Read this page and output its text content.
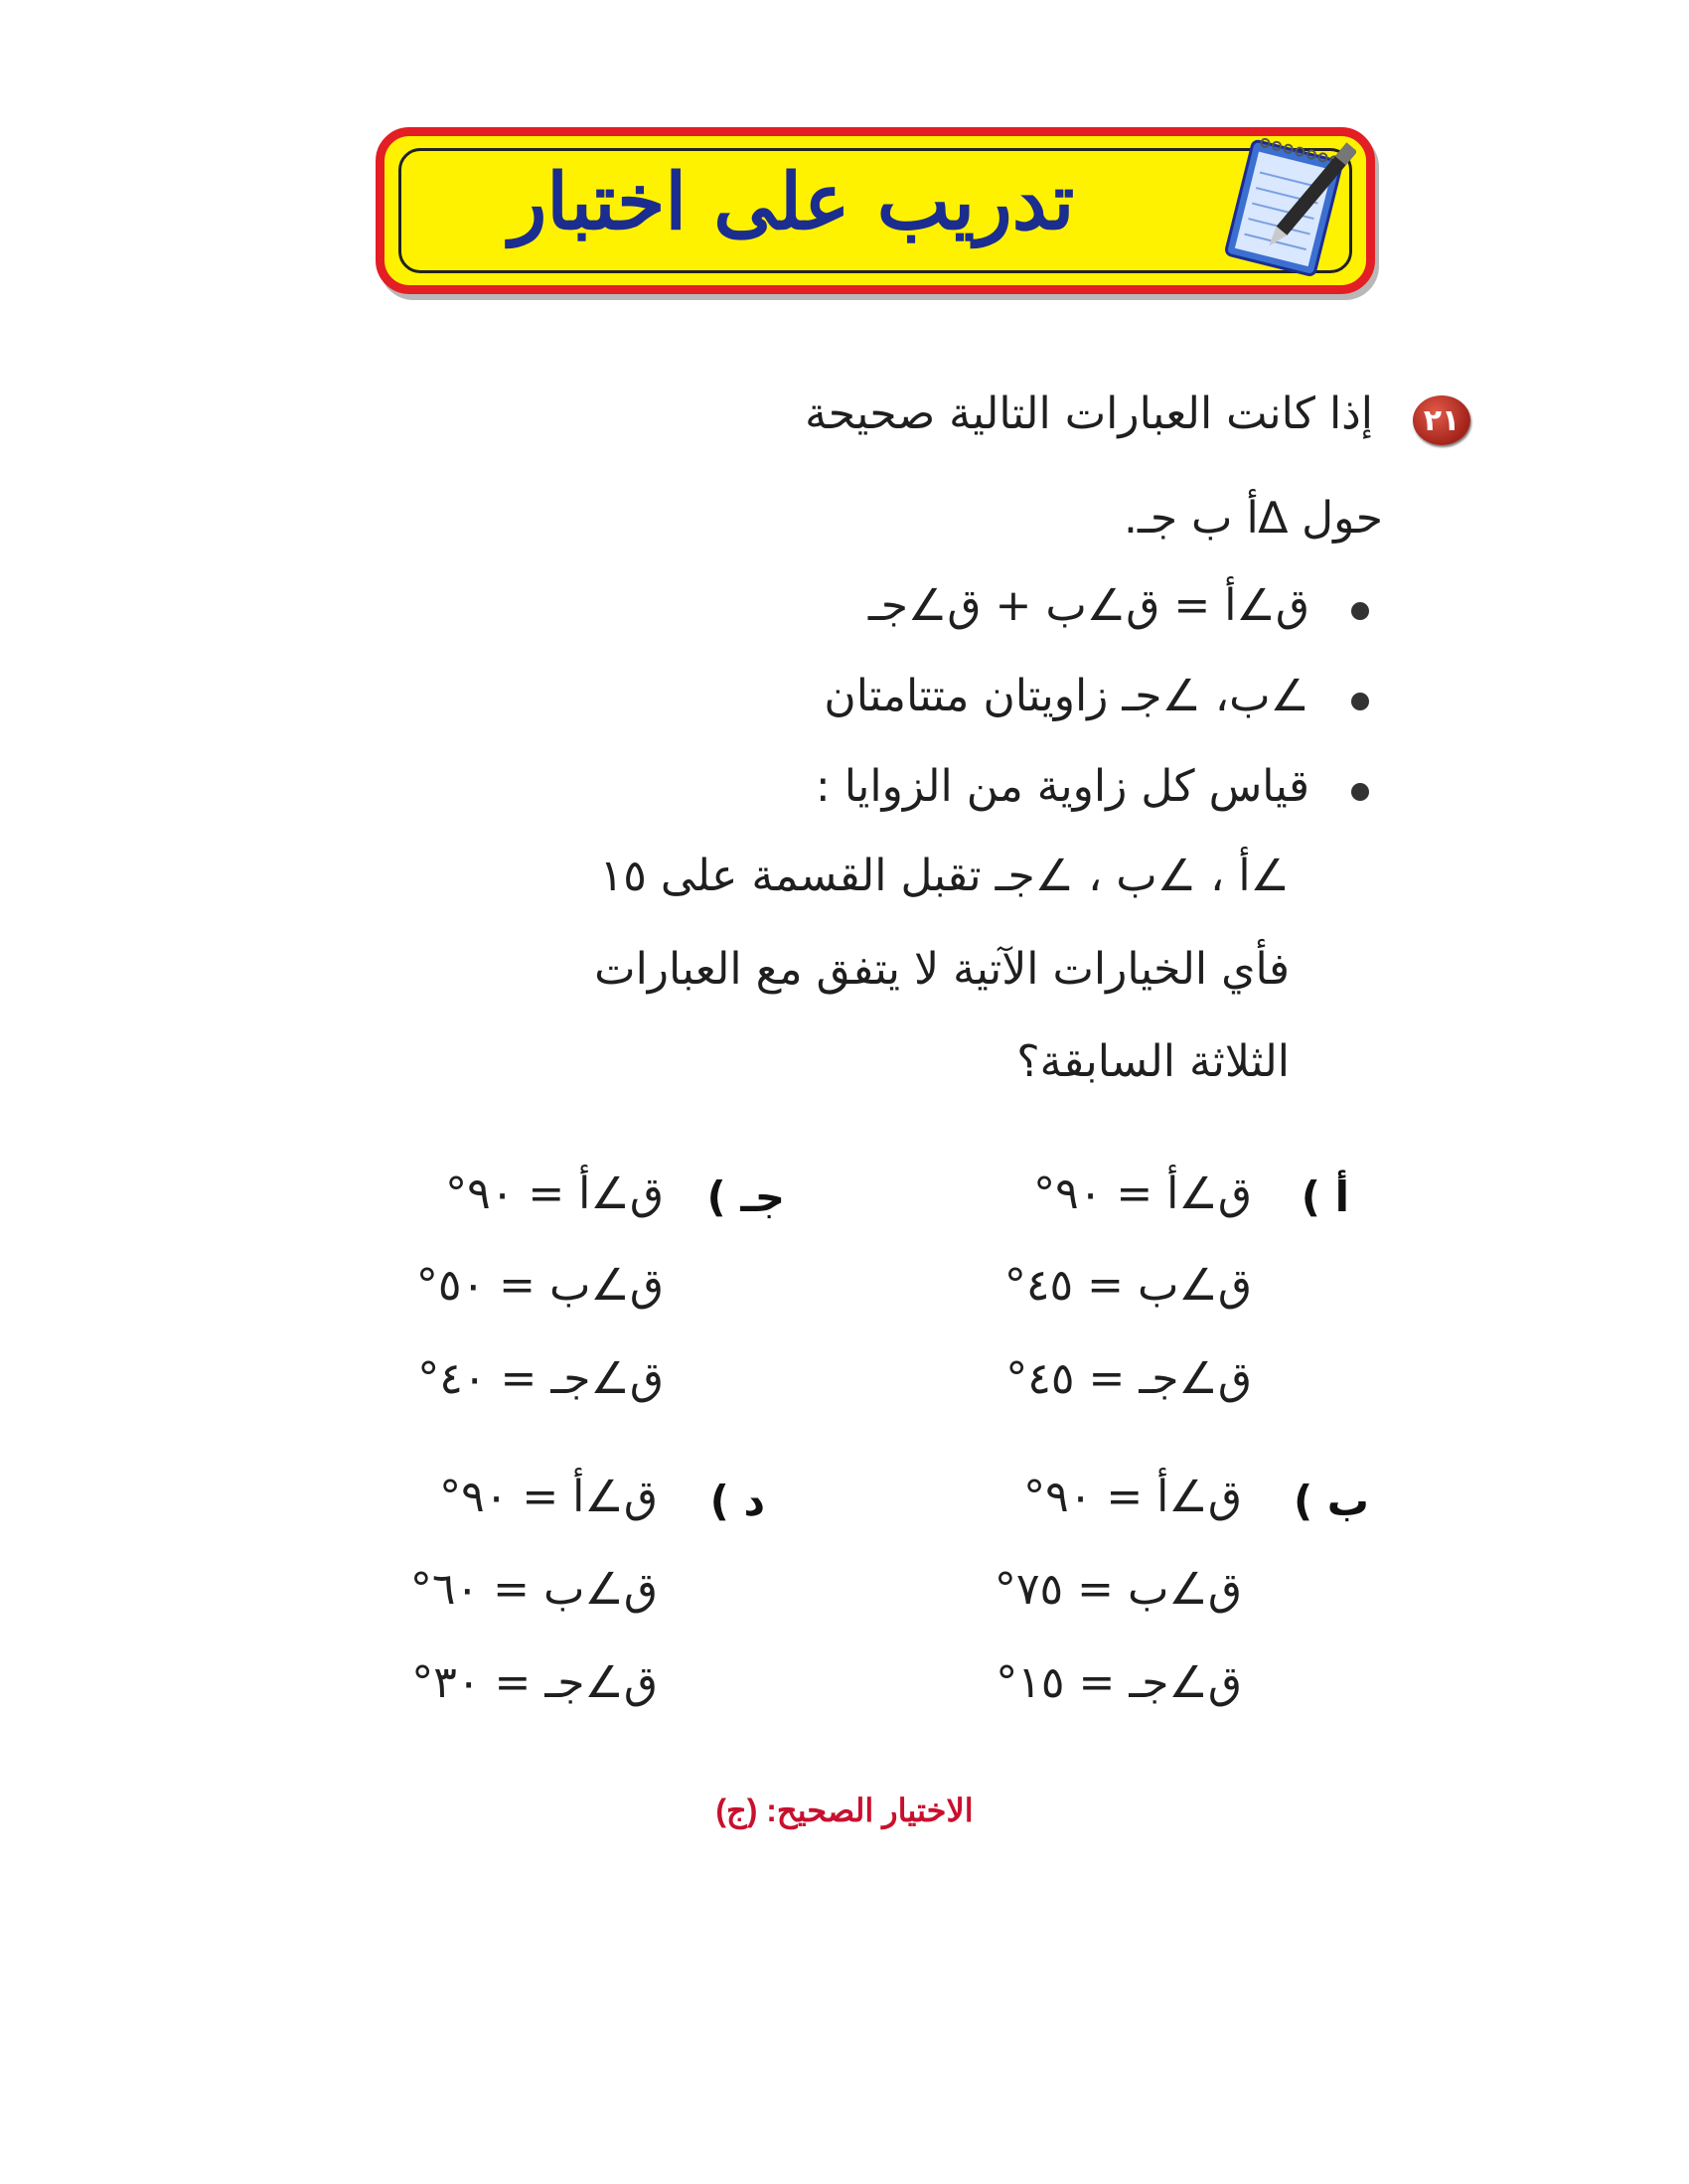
تدريب على اختبار
٢١
إذا كانت العبارات التالية صحيحة
حول ∆أ ب جـ.
ق∠أ = ق∠ب + ق∠جـ
∠ب، ∠جـ زاويتان متتامتان
قياس كل زاوية من الزوايا :
∠أ ، ∠ب ، ∠جـ تقبل القسمة على ١٥
فأي الخيارات الآتية لا يتفق مع العبارات
الثلاثة السابقة؟
أ )
ق∠أ = ٩٠°
ق∠ب = ٤٥°
ق∠جـ = ٤٥°
ب )
ق∠أ = ٩٠°
ق∠ب = ٧٥°
ق∠جـ = ١٥°
جـ )
ق∠أ = ٩٠°
ق∠ب = ٥٠°
ق∠جـ = ٤٠°
د )
ق∠أ = ٩٠°
ق∠ب = ٦٠°
ق∠جـ = ٣٠°
الاختيار الصحيح: (ج)
